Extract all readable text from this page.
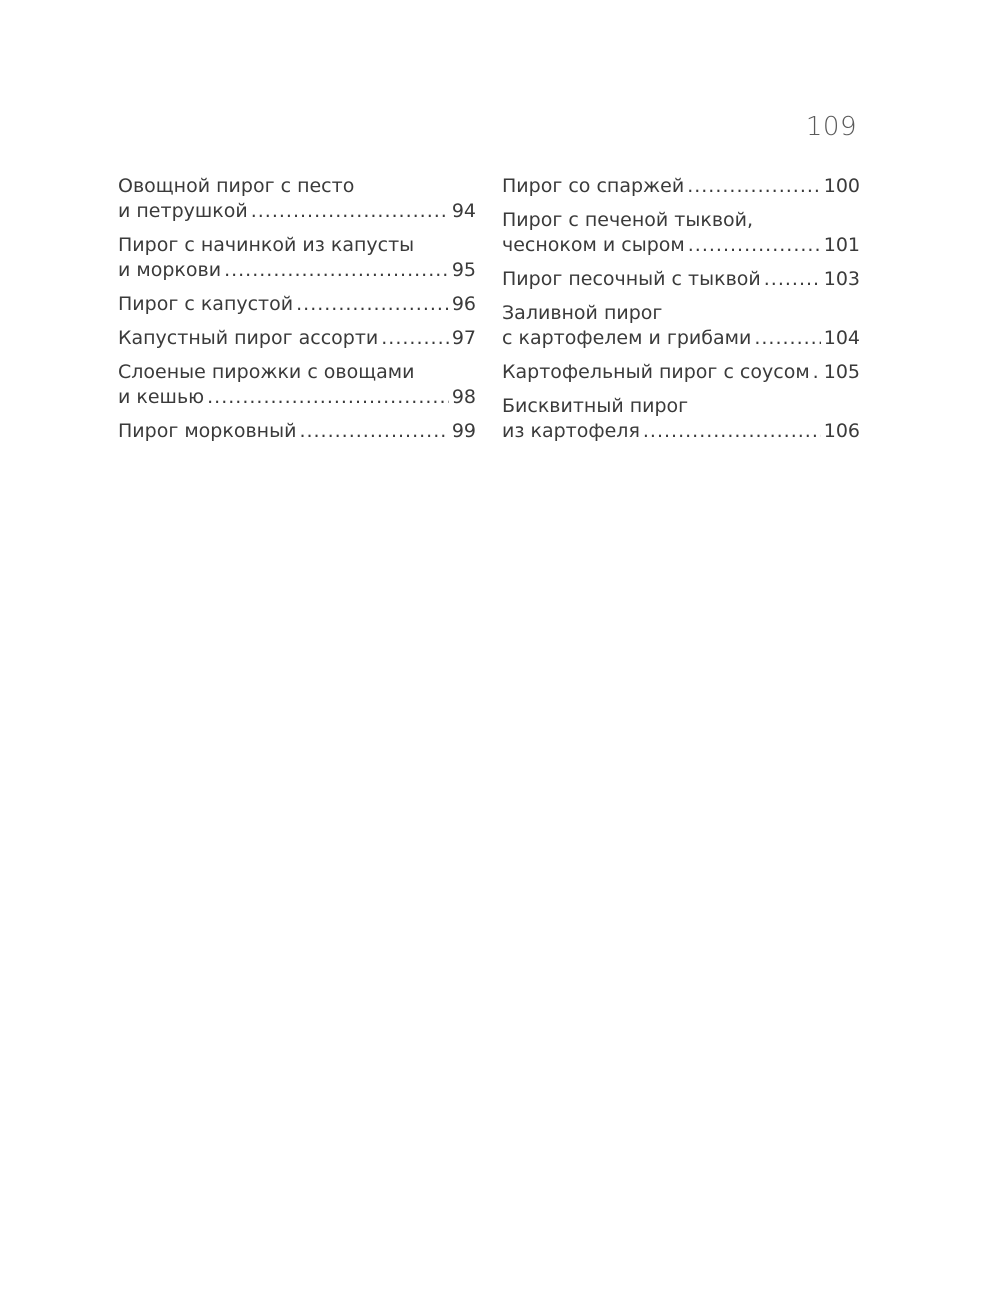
109
Овощной пирог с песто
и петрушкой .....	94
Пирог с начинкой из капусты
и моркови .....	95
Пирог с капустой .....	96
Капустный пирог ассорти .....	97
Слоеные пирожки с овощами
и кешью .....	98
Пирог морковный .....	99
Пирог со спаржей .....	100
Пирог с печеной тыквой,
чесноком и сыром .....	101
Пирог песочный с тыквой .....	103
Заливной пирог
с картофелем и грибами .....	104
Картофельный пирог с соусом ..... 105
Бисквитный пирог
из картофеля .....	106
